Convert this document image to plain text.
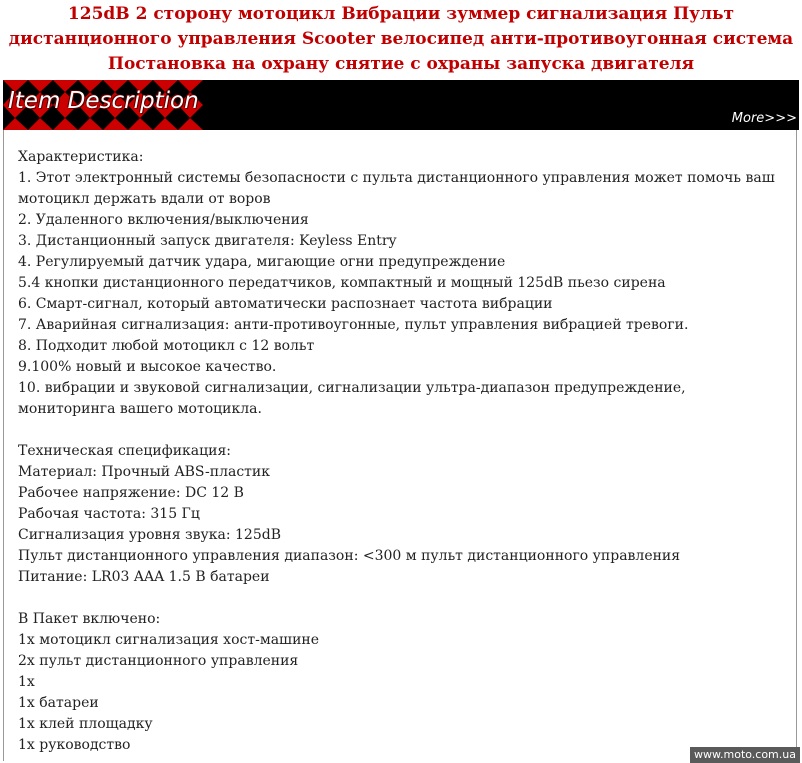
125dB 2 сторону мотоцикл Вибрации зуммер сигнализация Пульт
дистанционного управления Scooter велосипед анти-противоугонная система
Постановка на охрану снятие с охраны запуска двигателя
Item Description
More>>>
Характеристика:
1. Этот электронный системы безопасности с пульта дистанционного управления может помочь ваш
мотоцикл держать вдали от воров
2. Удаленного включения/выключения
3. Дистанционный запуск двигателя: Keyless Entry
4. Регулируемый датчик удара, мигающие огни предупреждение
5.4 кнопки дистанционного передатчиков, компактный и мощный 125dB пьезо сирена
6. Смарт-сигнал, который автоматически распознает частота вибрации
7. Аварийная сигнализация: анти-противоугонные, пульт управления вибрацией тревоги.
8. Подходит любой мотоцикл с 12 вольт
9.100% новый и высокое качество.
10. вибрации и звуковой сигнализации, сигнализации ультра-диапазон предупреждение,
мониторинга вашего мотоцикла.
Техническая спецификация:
Материал: Прочный ABS-пластик
Рабочее напряжение: DC 12 В
Рабочая частота: 315 Гц
Сигнализация уровня звука: 125dB
Пульт дистанционного управления диапазон: <300 м пульт дистанционного управления
Питание: LR03 AAA 1.5 В батареи
В Пакет включено:
1x мотоцикл сигнализация хост-машине
2x пульт дистанционного управления
1x
1x батареи
1x клей площадку
1x руководство
www.moto.com.ua
